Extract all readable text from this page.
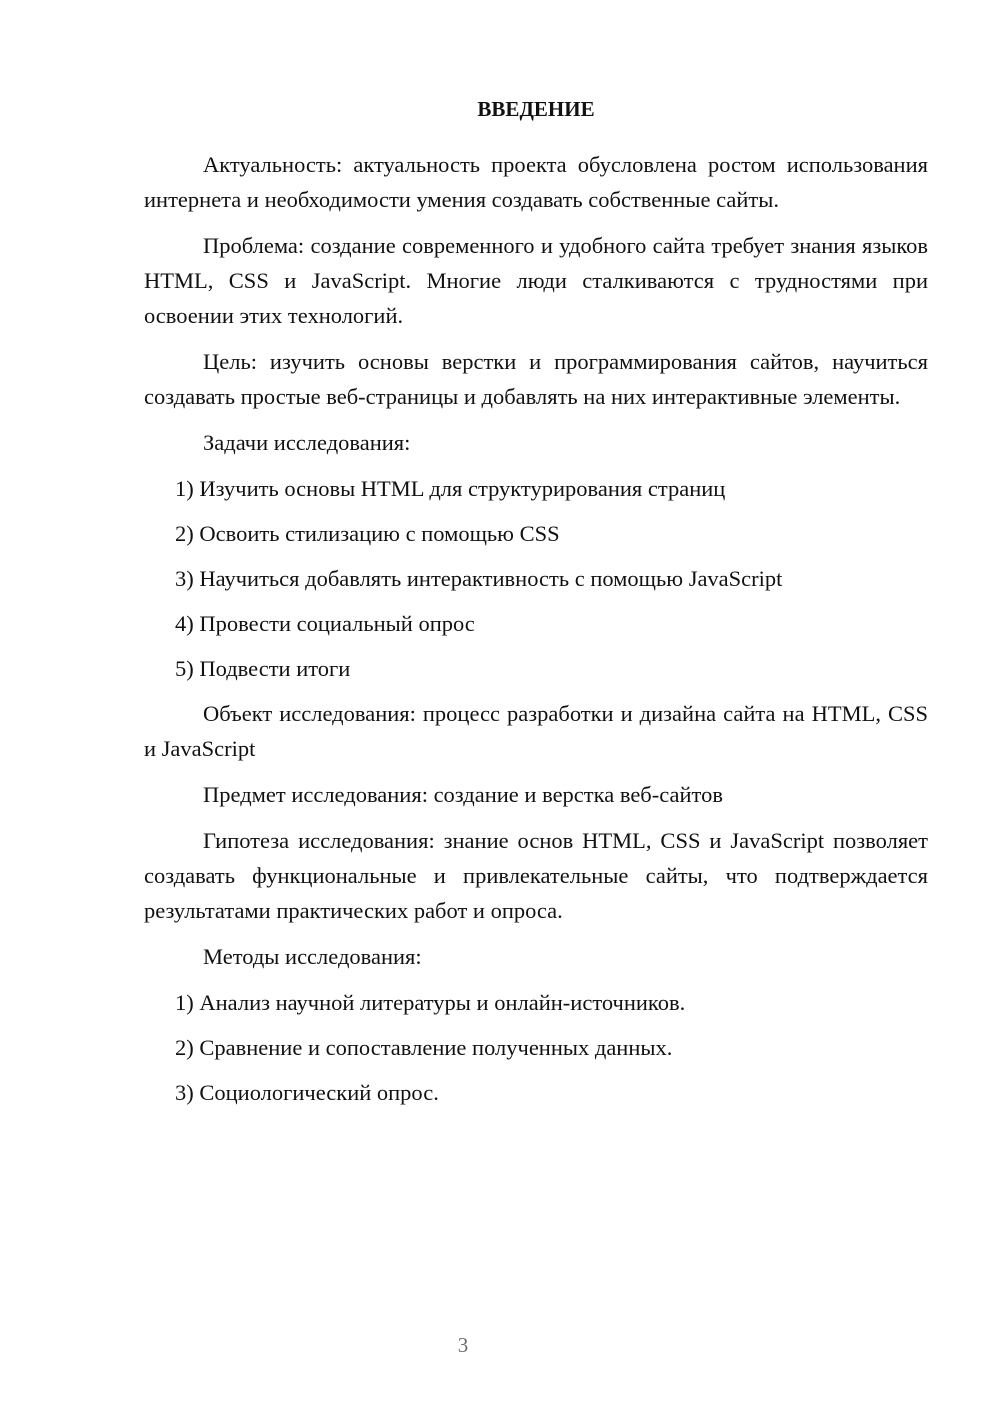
ВВЕДЕНИЕ

Актуальность: актуальность проекта обусловлена ростом использования интернета и необходимости умения создавать собственные сайты.

Проблема: создание современного и удобного сайта требует знания языков HTML, CSS и JavaScript. Многие люди сталкиваются с трудностями при освоении этих технологий.

Цель: изучить основы верстки и программирования сайтов, научиться создавать простые веб-страницы и добавлять на них интерактивные элементы.

Задачи исследования:

1) Изучить основы HTML для структурирования страниц
2) Освоить стилизацию с помощью CSS
3) Научиться добавлять интерактивность с помощью JavaScript
4) Провести социальный опрос
5) Подвести итоги

Объект исследования: процесс разработки и дизайна сайта на HTML, CSS и JavaScript

Предмет исследования: создание и верстка веб-сайтов

Гипотеза исследования: знание основ HTML, CSS и JavaScript позволяет создавать функциональные и привлекательные сайты, что подтверждается результатами практических работ и опроса.

Методы исследования:

1) Анализ научной литературы и онлайн-источников.
2) Сравнение и сопоставление полученных данных.
3) Социологический опрос.
3
